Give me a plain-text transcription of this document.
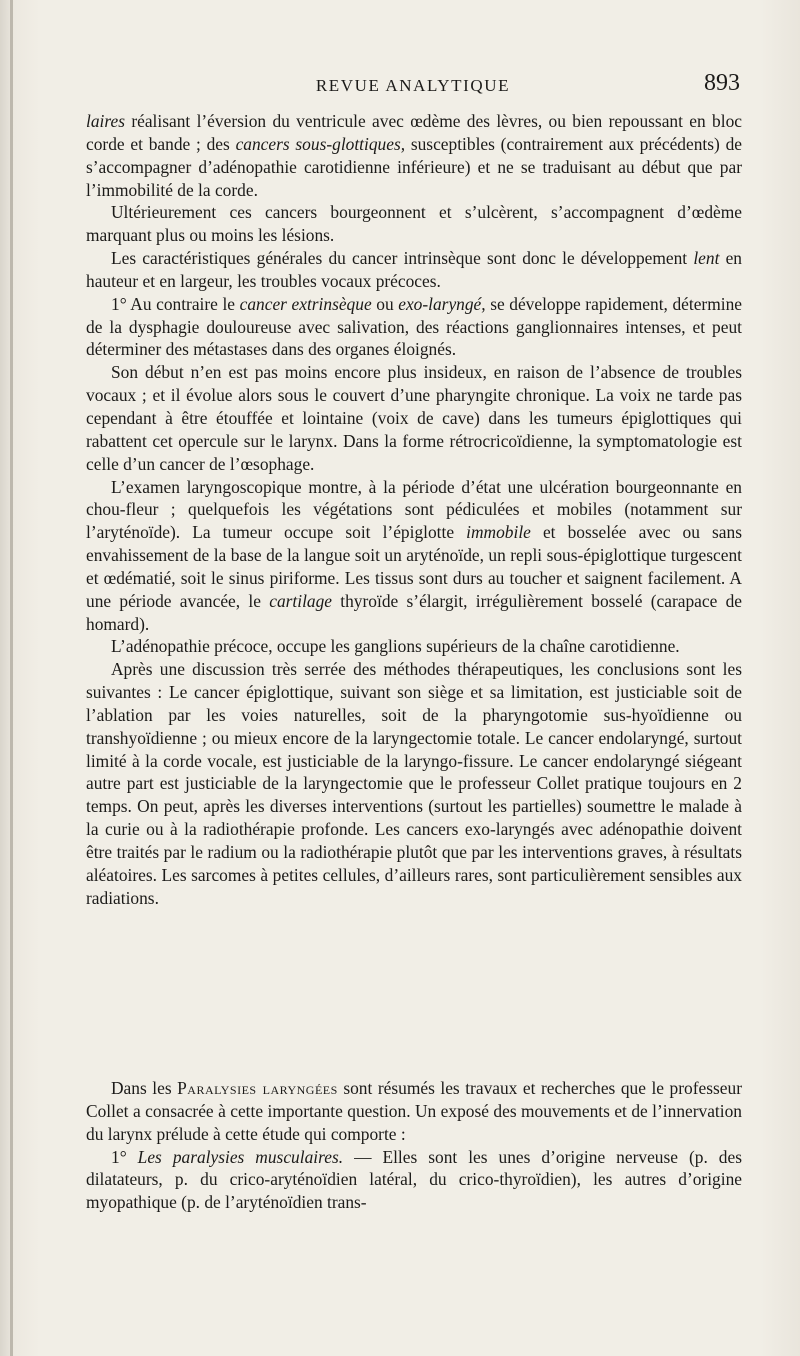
REVUE ANALYTIQUE	893

laires réalisant l’éversion du ventricule avec œdème des lèvres, ou bien repoussant en bloc corde et bande ; des cancers sous-glottiques, susceptibles (contrairement aux précédents) de s’accompagner d’adénopathie carotidienne inférieure) et ne se traduisant au début que par l’immobilité de la corde.

Ultérieurement ces cancers bourgeonnent et s’ulcèrent, s’accompagnent d’œdème marquant plus ou moins les lésions.

Les caractéristiques générales du cancer intrinsèque sont donc le développement lent en hauteur et en largeur, les troubles vocaux précoces.

1° Au contraire le cancer extrinsèque ou exo-laryngé, se développe rapidement, détermine de la dysphagie douloureuse avec salivation, des réactions ganglionnaires intenses, et peut déterminer des métastases dans des organes éloignés.

Son début n’en est pas moins encore plus insideux, en raison de l’absence de troubles vocaux ; et il évolue alors sous le couvert d’une pharyngite chronique. La voix ne tarde pas cependant à être étouffée et lointaine (voix de cave) dans les tumeurs épiglottiques qui rabattent cet opercule sur le larynx. Dans la forme rétrocricoïdienne, la symptomatologie est celle d’un cancer de l’œsophage.

L’examen laryngoscopique montre, à la période d’état une ulcération bourgeonnante en chou-fleur ; quelquefois les végétations sont pédiculées et mobiles (notamment sur l’aryténoïde). La tumeur occupe soit l’épiglotte immobile et bosselée avec ou sans envahissement de la base de la langue soit un aryténoïde, un repli sous-épiglottique turgescent et œdématié, soit le sinus piriforme. Les tissus sont durs au toucher et saignent facilement. A une période avancée, le cartilage thyroïde s’élargit, irrégulièrement bosselé (carapace de homard).

L’adénopathie précoce, occupe les ganglions supérieurs de la chaîne carotidienne.

Après une discussion très serrée des méthodes thérapeutiques, les conclusions sont les suivantes : Le cancer épiglottique, suivant son siège et sa limitation, est justiciable soit de l’ablation par les voies naturelles, soit de la pharyngotomie sus-hyoïdienne ou transhyoïdienne ; ou mieux encore de la laryngectomie totale. Le cancer endolaryngé, surtout limité à la corde vocale, est justiciable de la laryngo-fissure. Le cancer endolaryngé siégeant autre part est justiciable de la laryngectomie que le professeur Collet pratique toujours en 2 temps. On peut, après les diverses interventions (surtout les partielles) soumettre le malade à la curie ou à la radiothérapie profonde. Les cancers exo-laryngés avec adénopathie doivent être traités par le radium ou la radiothérapie plutôt que par les interventions graves, à résultats aléatoires. Les sarcomes à petites cellules, d’ailleurs rares, sont particulièrement sensibles aux radiations.

Dans les Paralysies laryngées sont résumés les travaux et recherches que le professeur Collet a consacrée à cette importante question. Un exposé des mouvements et de l’innervation du larynx prélude à cette étude qui comporte :

1° Les paralysies musculaires. — Elles sont les unes d’origine nerveuse (p. des dilatateurs, p. du crico-aryténoïdien latéral, du crico-thyroïdien), les autres d’origine myopathique (p. de l’aryténoïdien trans-
